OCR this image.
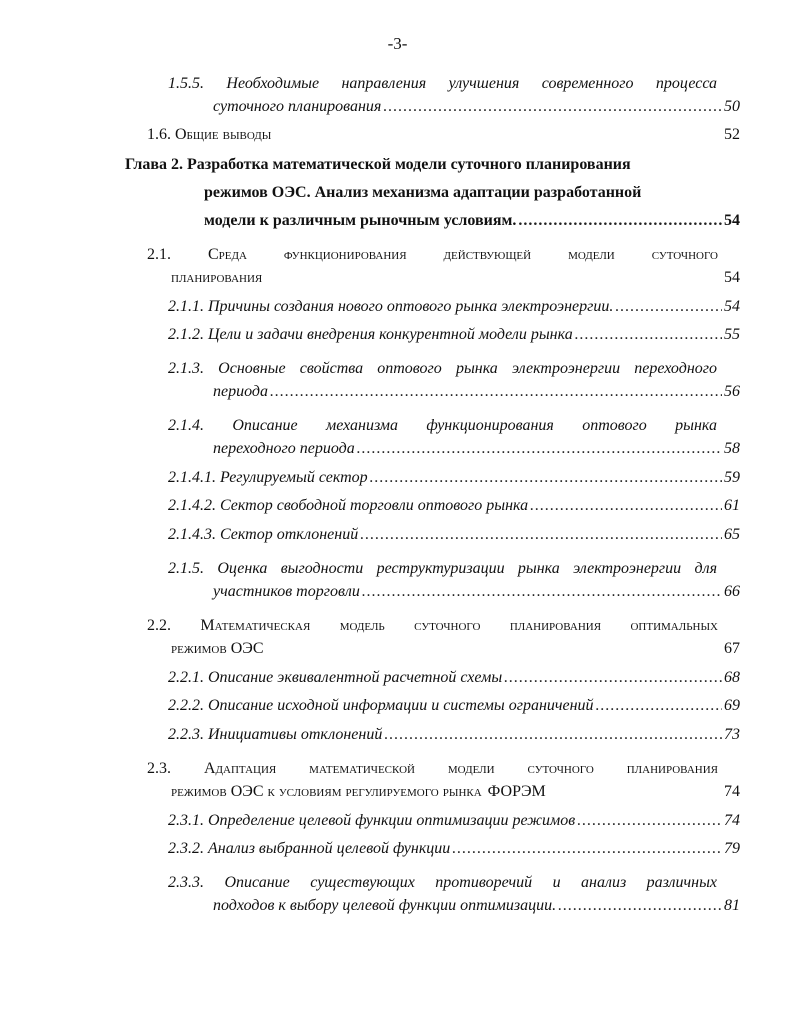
-3-
1.5.5. Необходимые направления улучшения современного процесса
суточного планирования .....	50
1.6. Общие выводы	52
Глава 2. Разработка математической модели суточного планирования
режимов ОЭС. Анализ механизма адаптации разработанной
модели к различным рыночным условиям. .....	54
2.1. Среда функционирования действующей модели суточного
планирования	54
2.1.1. Причины создания нового оптового рынка электроэнергии. .....	54
2.1.2. Цели и задачи внедрения конкурентной модели рынка .....	55
2.1.3. Основные свойства оптового рынка электроэнергии переходного
периода .....	56
2.1.4. Описание механизма функционирования оптового рынка
переходного периода .....	58
2.1.4.1. Регулируемый сектор .....	59
2.1.4.2. Сектор свободной торговли оптового рынка .....	61
2.1.4.3. Сектор отклонений .....	65
2.1.5. Оценка выгодности реструктуризации рынка электроэнергии для
участников торговли .....	66
2.2. Математическая модель суточного планирования оптимальных
режимов ОЭС	67
2.2.1. Описание эквивалентной расчетной схемы .....	68
2.2.2. Описание исходной информации и системы ограничений .....	69
2.2.3. Инициативы отклонений .....	73
2.3. Адаптация математической модели суточного планирования
режимов ОЭС к условиям регулируемого рынка ФОРЭМ	74
2.3.1. Определение целевой функции оптимизации режимов .....	74
2.3.2. Анализ выбранной целевой функции .....	79
2.3.3. Описание существующих противоречий и анализ различных
подходов к выбору целевой функции оптимизации. .....	81
